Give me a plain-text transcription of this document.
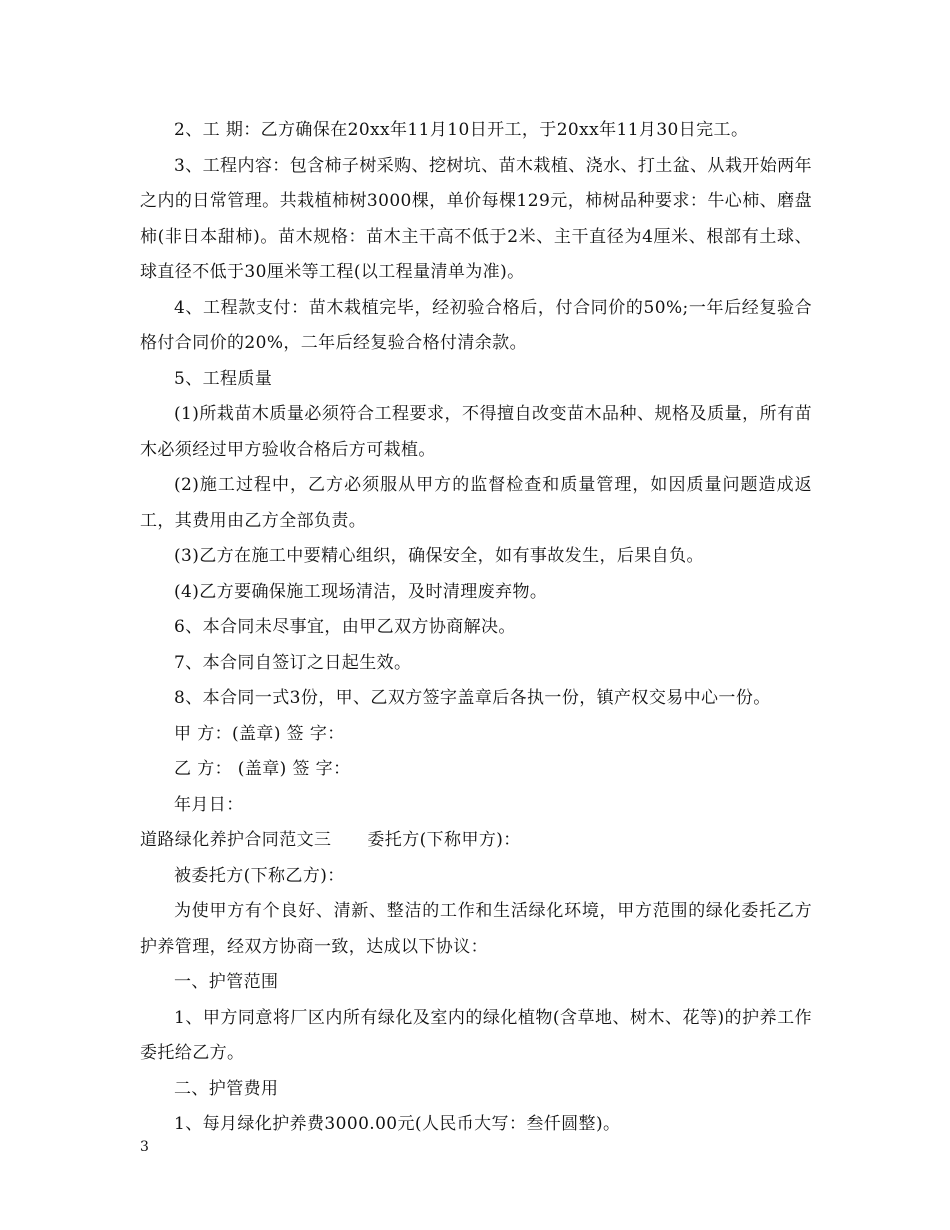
2、工 期：乙方确保在20xx年11月10日开工，于20xx年11月30日完工。

3、工程内容：包含柿子树采购、挖树坑、苗木栽植、浇水、打土盆、从栽开始两年之内的日常管理。共栽植柿树3000棵，单价每棵129元，柿树品种要求：牛心柿、磨盘柿(非日本甜柿)。苗木规格：苗木主干高不低于2米、主干直径为4厘米、根部有土球、球直径不低于30厘米等工程(以工程量清单为准)。

4、工程款支付：苗木栽植完毕，经初验合格后，付合同价的50%;一年后经复验合格付合同价的20%，二年后经复验合格付清余款。

5、工程质量

(1)所栽苗木质量必须符合工程要求，不得擅自改变苗木品种、规格及质量，所有苗木必须经过甲方验收合格后方可栽植。

(2)施工过程中，乙方必须服从甲方的监督检查和质量管理，如因质量问题造成返工，其费用由乙方全部负责。

(3)乙方在施工中要精心组织，确保安全，如有事故发生，后果自负。

(4)乙方要确保施工现场清洁，及时清理废弃物。

6、本合同未尽事宜，由甲乙双方协商解决。

7、本合同自签订之日起生效。

8、本合同一式3份，甲、乙双方签字盖章后各执一份，镇产权交易中心一份。

甲 方：(盖章) 签 字：

乙 方： (盖章) 签 字：

年月日：

道路绿化养护合同范文三 委托方(下称甲方)：

被委托方(下称乙方)：

为使甲方有个良好、清新、整洁的工作和生活绿化环境，甲方范围的绿化委托乙方护养管理，经双方协商一致，达成以下协议：

一、护管范围

1、甲方同意将厂区内所有绿化及室内的绿化植物(含草地、树木、花等)的护养工作委托给乙方。

二、护管费用

1、每月绿化护养费3000.00元(人民币大写：叁仟圆整)。

3
